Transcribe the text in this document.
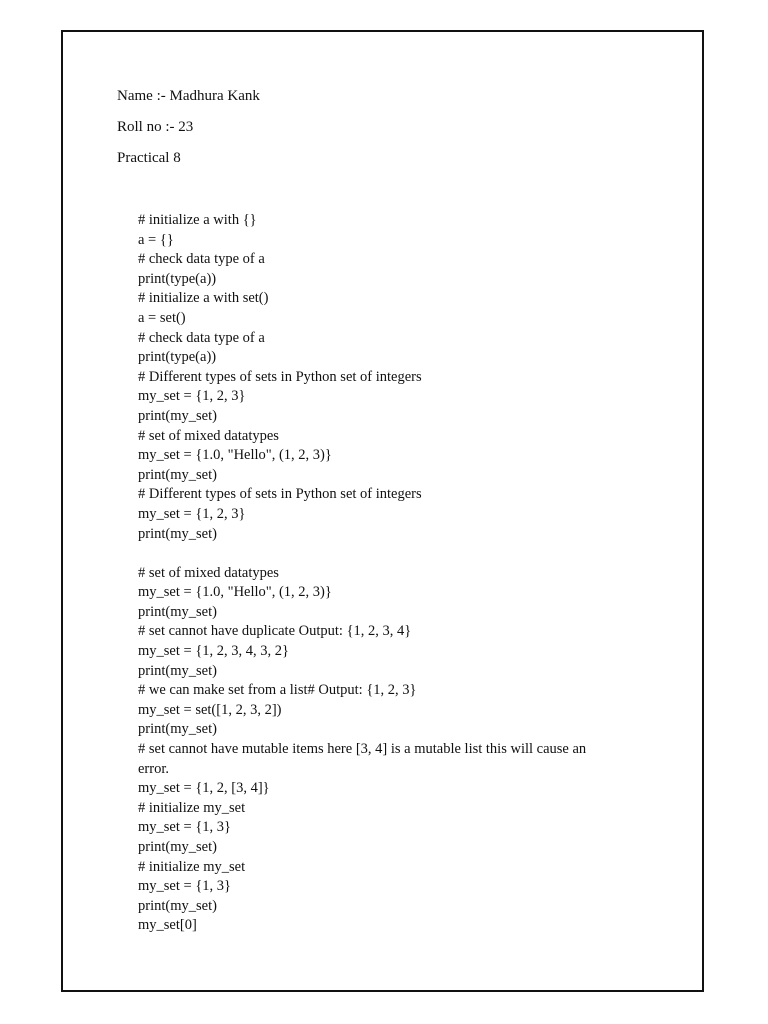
Name :- Madhura Kank
Roll no :- 23
Practical 8
# initialize a with {}
a = {}
# check data type of a
print(type(a))
# initialize a with set()
a = set()
# check data type of a
print(type(a))
# Different types of sets in Python set of integers
my_set = {1, 2, 3}
print(my_set)
# set of mixed datatypes
my_set = {1.0, "Hello", (1, 2, 3)}
print(my_set)
# Different types of sets in Python set of integers
my_set = {1, 2, 3}
print(my_set)
# set of mixed datatypes
my_set = {1.0, "Hello", (1, 2, 3)}
print(my_set)
# set cannot have duplicate Output: {1, 2, 3, 4}
my_set = {1, 2, 3, 4, 3, 2}
print(my_set)
# we can make set from a list# Output: {1, 2, 3}
my_set = set([1, 2, 3, 2])
print(my_set)
# set cannot have mutable items here [3, 4] is a mutable list this will cause an
error.
my_set = {1, 2, [3, 4]}
# initialize my_set
my_set = {1, 3}
print(my_set)
# initialize my_set
my_set = {1, 3}
print(my_set)
my_set[0]
